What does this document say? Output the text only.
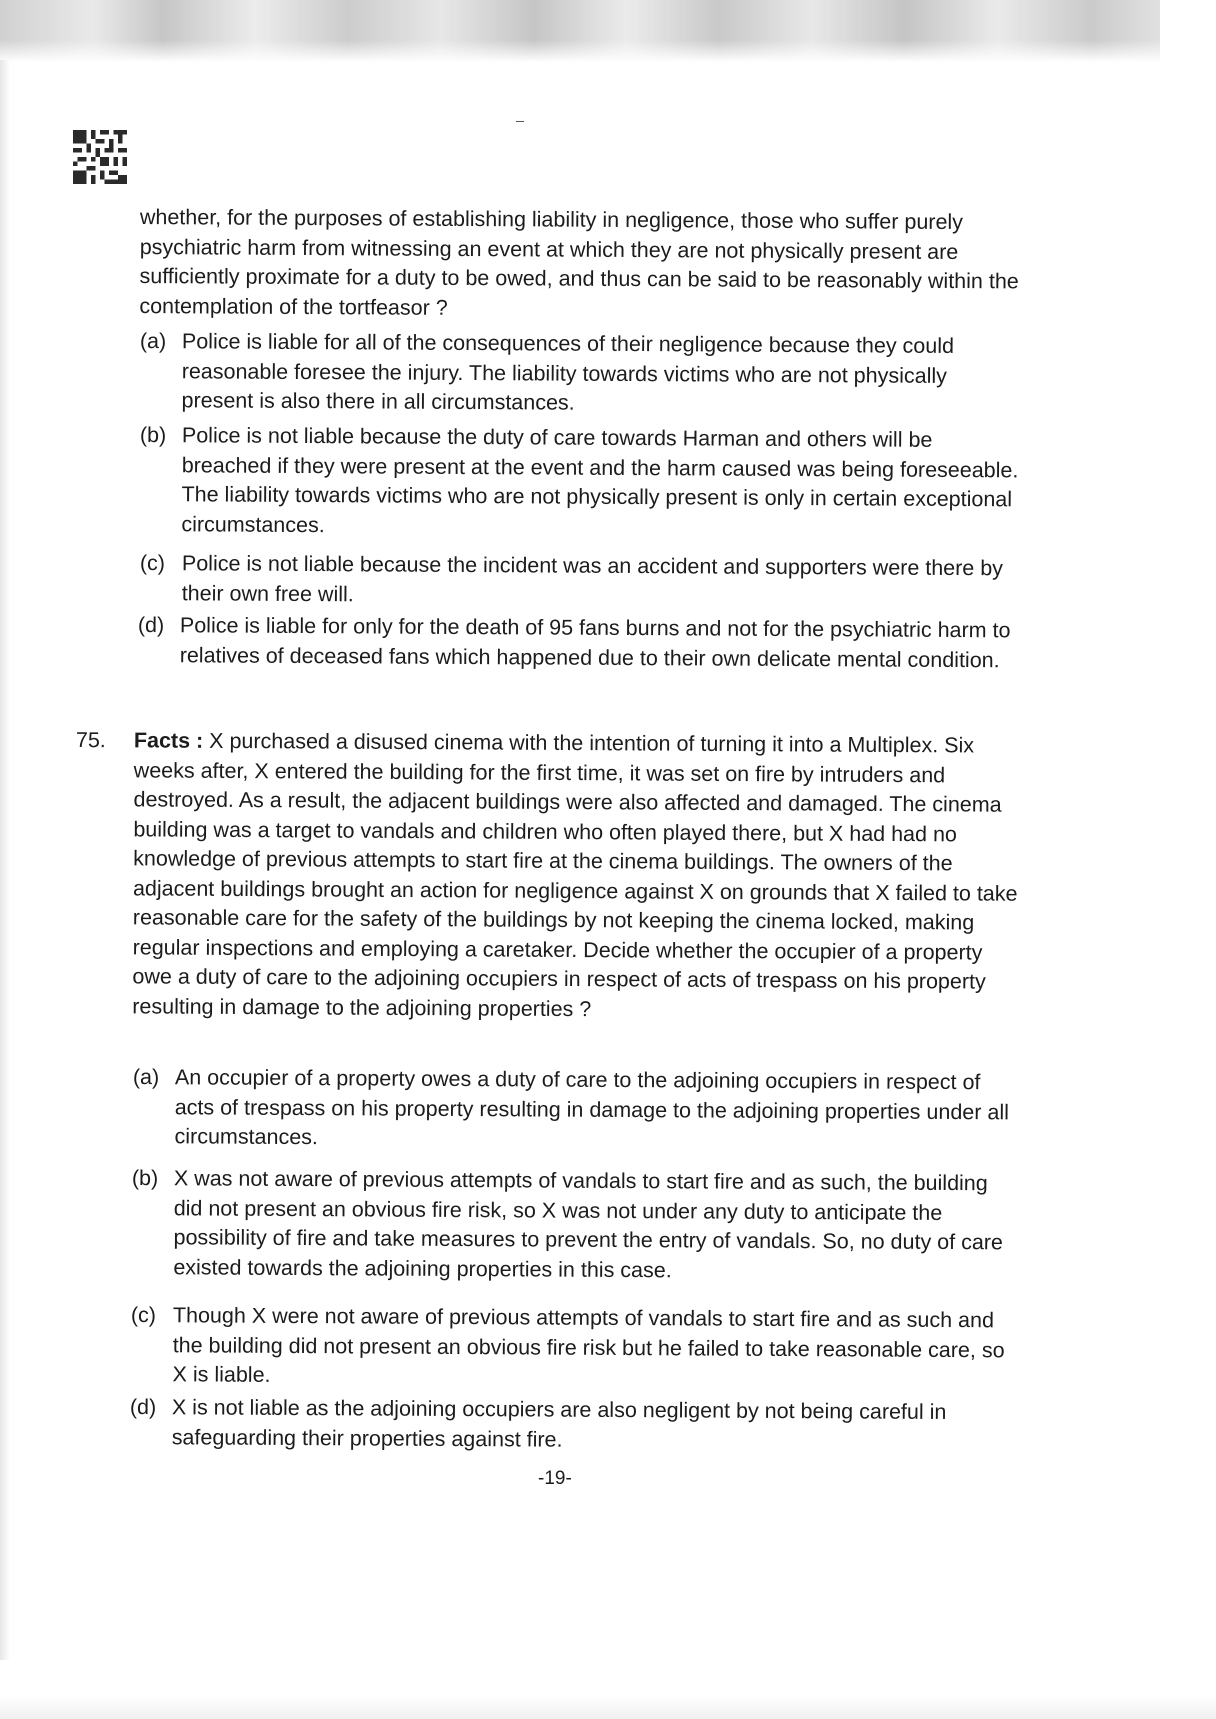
whether, for the purposes of establishing liability in negligence, those who suffer purely psychiatric harm from witnessing an event at which they are not physically present are sufficiently proximate for a duty to be owed, and thus can be said to be reasonably within the contemplation of the tortfeasor ?
(a) Police is liable for all of the consequences of their negligence because they could reasonable foresee the injury. The liability towards victims who are not physically present is also there in all circumstances.
(b) Police is not liable because the duty of care towards Harman and others will be breached if they were present at the event and the harm caused was being foreseeable. The liability towards victims who are not physically present is only in certain exceptional circumstances.
(c) Police is not liable because the incident was an accident and supporters were there by their own free will.
(d) Police is liable for only for the death of 95 fans burns and not for the psychiatric harm to relatives of deceased fans which happened due to their own delicate mental condition.
75. Facts : X purchased a disused cinema with the intention of turning it into a Multiplex. Six weeks after, X entered the building for the first time, it was set on fire by intruders and destroyed. As a result, the adjacent buildings were also affected and damaged. The cinema building was a target to vandals and children who often played there, but X had had no knowledge of previous attempts to start fire at the cinema buildings. The owners of the adjacent buildings brought an action for negligence against X on grounds that X failed to take reasonable care for the safety of the buildings by not keeping the cinema locked, making regular inspections and employing a caretaker. Decide whether the occupier of a property owe a duty of care to the adjoining occupiers in respect of acts of trespass on his property resulting in damage to the adjoining properties ?
(a) An occupier of a property owes a duty of care to the adjoining occupiers in respect of acts of trespass on his property resulting in damage to the adjoining properties under all circumstances.
(b) X was not aware of previous attempts of vandals to start fire and as such, the building did not present an obvious fire risk, so X was not under any duty to anticipate the possibility of fire and take measures to prevent the entry of vandals. So, no duty of care existed towards the adjoining properties in this case.
(c) Though X were not aware of previous attempts of vandals to start fire and as such and the building did not present an obvious fire risk but he failed to take reasonable care, so X is liable.
(d) X is not liable as the adjoining occupiers are also negligent by not being careful in safeguarding their properties against fire.
-19-
